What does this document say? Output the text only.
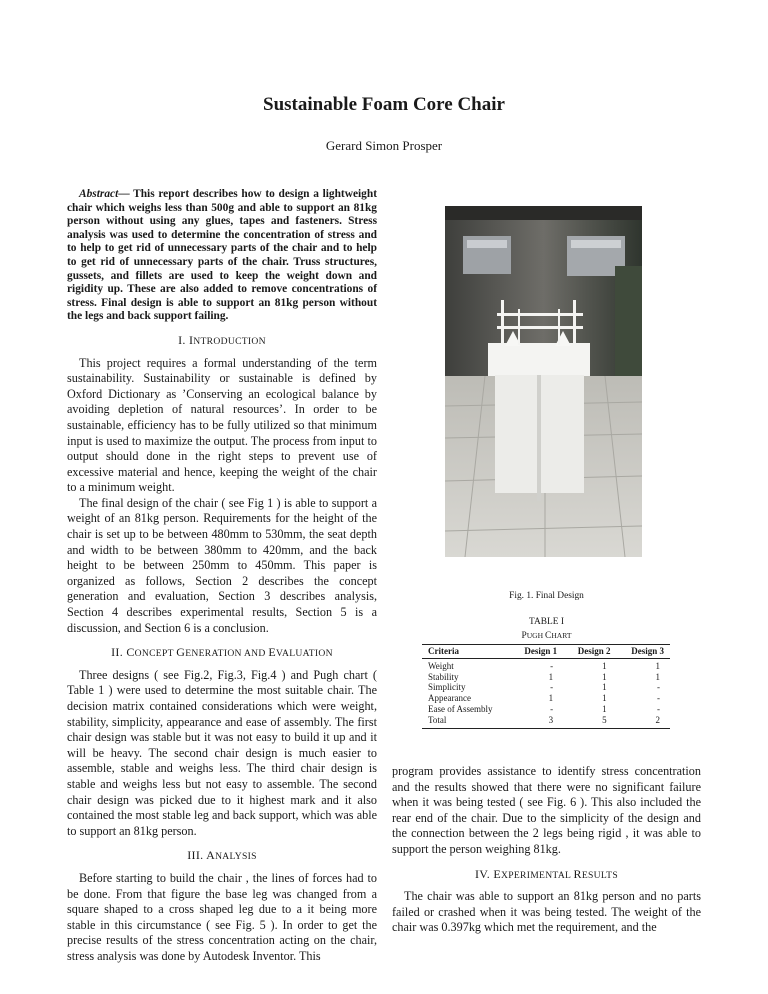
Sustainable Foam Core Chair
Gerard Simon Prosper

Abstract— This report describes how to design a lightweight chair which weighs less than 500g and able to support an 81kg person without using any glues, tapes and fasteners. Stress analysis was used to determine the concentration of stress and to help to get rid of unnecessary parts of the chair and to help to get rid of unnecessary parts of the chair. Truss structures, gussets, and fillets are used to keep the weight down and rigidity up. These are also added to remove concentrations of stress. Final design is able to support an 81kg person without the legs and back support failing.

I. INTRODUCTION

This project requires a formal understanding of the term sustainability. Sustainability or sustainable is defined by Oxford Dictionary as ’Conserving an ecological balance by avoiding depletion of natural resources’. In order to be sustainable, efficiency has to be fully utilized so that minimum input is used to maximize the output. The process from input to output should done in the right steps to prevent use of excessive material and hence, keeping the weight of the chair to a minimum weight.

The final design of the chair ( see Fig 1 ) is able to support a weight of an 81kg person. Requirements for the height of the chair is set up to be between 480mm to 530mm, the seat depth and width to be between 380mm to 420mm, and the back height to be between 250mm to 450mm. This paper is organized as follows, Section 2 describes the concept generation and evaluation, Section 3 describes analysis, Section 4 describes experimental results, Section 5 is a discussion, and Section 6 is a conclusion.

II. CONCEPT GENERATION AND EVALUATION

Three designs ( see Fig.2, Fig.3, Fig.4 ) and Pugh chart ( Table 1 ) were used to determine the most suitable chair. The decision matrix contained considerations which were weight, stability, simplicity, appearance and ease of assembly. The first chair design was stable but it was not easy to build it up and it will be heavy. The second chair design is much easier to assemble, stable and weighs less. The third chair design is stable and weighs less but not easy to assemble. The second chair design was picked due to it highest mark and it also contained the most stable leg and back support, which was able to support an 81kg person.

III. ANALYSIS

Before starting to build the chair , the lines of forces had to be done. From that figure the base leg was changed from a square shaped to a cross shaped leg due to a it being more stable in this circumstance ( see Fig. 5 ). In order to get the precise results of the stress concentration acting on the chair, stress analysis was done by Autodesk Inventor. This

Fig. 1. Final Design
TABLE I
PUGH CHART
Criteria	Design 1	Design 2	Design 3
Weight	-	1	1
Stability	1	1	1
Simplicity	-	1	-
Appearance	1	1	-
Ease of Assembly	-	1	-
Total	3	5	2

program provides assistance to identify stress concentration and the results showed that there were no significant failure when it was being tested ( see Fig. 6 ). This also included the rear end of the chair. Due to the simplicity of the design and the connection between the 2 legs being rigid , it was able to support the person weighing 81kg.

IV. EXPERIMENTAL RESULTS

The chair was able to support an 81kg person and no parts failed or crashed when it was being tested. The weight of the chair was 0.397kg which met the requirement, and the
